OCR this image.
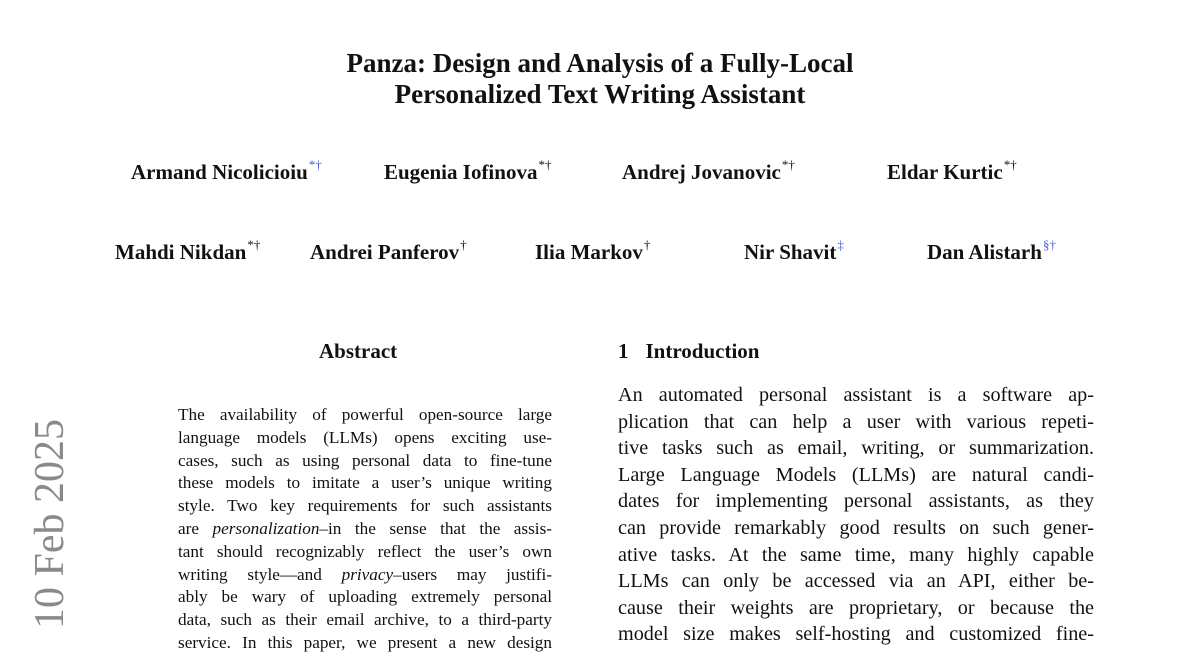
Panza: Design and Analysis of a Fully-Local
Personalized Text Writing Assistant
Armand Nicolicioiu*†	Eugenia Iofinova*†	Andrej Jovanovic*†	Eldar Kurtic*†
Mahdi Nikdan*† Andrei Panferov†	Ilia Markov†	Nir Shavit‡	Dan Alistarh§†
Abstract
The availability of powerful open-source large
language models (LLMs) opens exciting use-
cases, such as using personal data to fine-tune
these models to imitate a user’s unique writing
style. Two key requirements for such assistants
are personalization–in the sense that the assis-
tant should recognizably reflect the user’s own
writing style—and privacy–users may justifi-
ably be wary of uploading extremely personal
data, such as their email archive, to a third-party
service. In this paper, we present a new design
1 Introduction
An automated personal assistant is a software ap-
plication that can help a user with various repeti-
tive tasks such as email, writing, or summarization.
Large Language Models (LLMs) are natural candi-
dates for implementing personal assistants, as they
can provide remarkably good results on such gener-
ative tasks. At the same time, many highly capable
LLMs can only be accessed via an API, either be-
cause their weights are proprietary, or because the
model size makes self-hosting and customized fine-
10 Feb 2025
